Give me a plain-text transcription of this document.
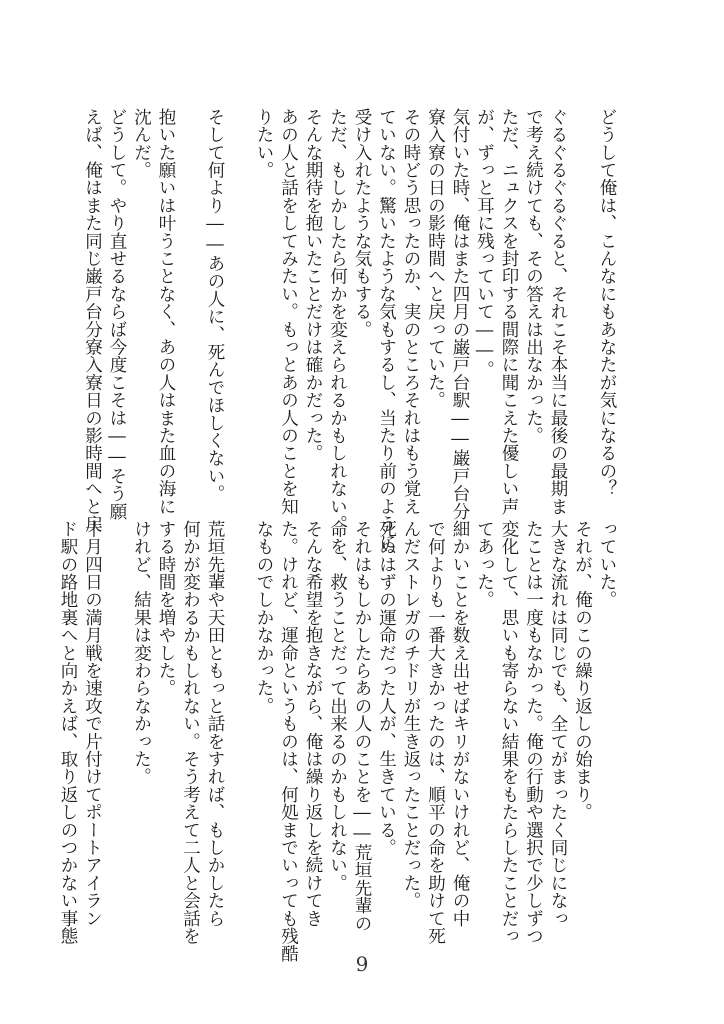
どうして俺は、こんなにもあなたが気になるの？
ぐるぐるぐるぐると、それこそ本当に最後の最期ま
で考え続けても、その答えは出なかった。
ただ、ニュクスを封印する間際に聞こえた優しい声
が、ずっと耳に残っていて――。
気付いた時、俺はまた四月の巌戸台駅――巌戸台分
寮入寮の日の影時間へと戻っていた。
その時どう思ったのか、実のところそれはもう覚え
ていない。驚いたような気もするし、当たり前のように
受け入れたような気もする。
ただ、もしかしたら何かを変えられるかもしれない。
そんな期待を抱いたことだけは確かだった。
あの人と話をしてみたい。もっとあの人のことを知
りたい。
そして何より――あの人に、死んでほしくない。
抱いた願いは叶うことなく、あの人はまた血の海に
沈んだ。
どうして。やり直せるならば今度こそは――そう願
えば、俺はまた同じ巌戸台分寮入寮日の影時間へと戻
っていた。
それが、俺のこの繰り返しの始まり。
大きな流れは同じでも、全てがまったく同じになっ
たことは一度もなかった。俺の行動や選択で少しずつ
変化して、思いも寄らない結果をもたらしたことだっ
てあった。
細かいことを数え出せばキリがないけれど、俺の中
で何よりも一番大きかったのは、順平の命を助けて死
んだストレガのチドリが生き返ったことだった。
死ぬはずの運命だった人が、生きている。
それはもしかしたらあの人のことを――荒垣先輩の
命を、救うことだって出来るのかもしれない。
そんな希望を抱きながら、俺は繰り返しを続けてき
た。けれど、運命というものは、何処までいっても残酷
なものでしかなかった。
荒垣先輩や天田ともっと話をすれば、もしかしたら
何かが変わるかもしれない。そう考えて二人と会話を
する時間を増やした。
けれど、結果は変わらなかった。
十月四日の満月戦を速攻で片付けてポートアイラン
ド駅の路地裏へと向かえば、取り返しのつかない事態
9
